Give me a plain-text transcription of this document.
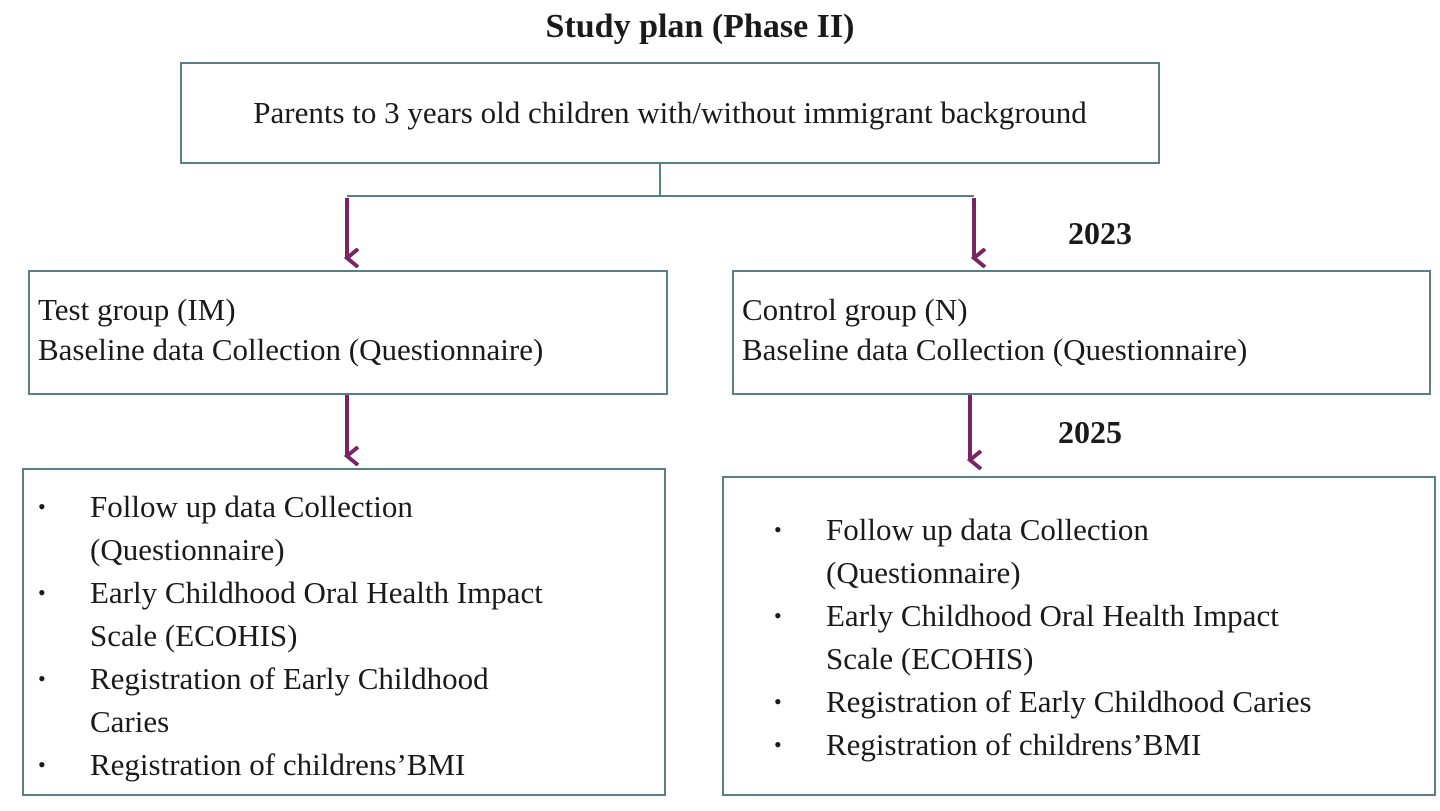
Study plan (Phase II)
Parents to 3 years old children with/without immigrant background
2023
2025
Test group (IM)
Baseline data Collection (Questionnaire)
Control group (N)
Baseline data Collection (Questionnaire)
• Follow up data Collection
(Questionnaire)
• Early Childhood Oral Health Impact
Scale (ECOHIS)
• Registration of Early Childhood
Caries
• Registration of childrens’BMI
• Follow up data Collection
(Questionnaire)
• Early Childhood Oral Health Impact
Scale (ECOHIS)
• Registration of Early Childhood Caries
• Registration of childrens’BMI
